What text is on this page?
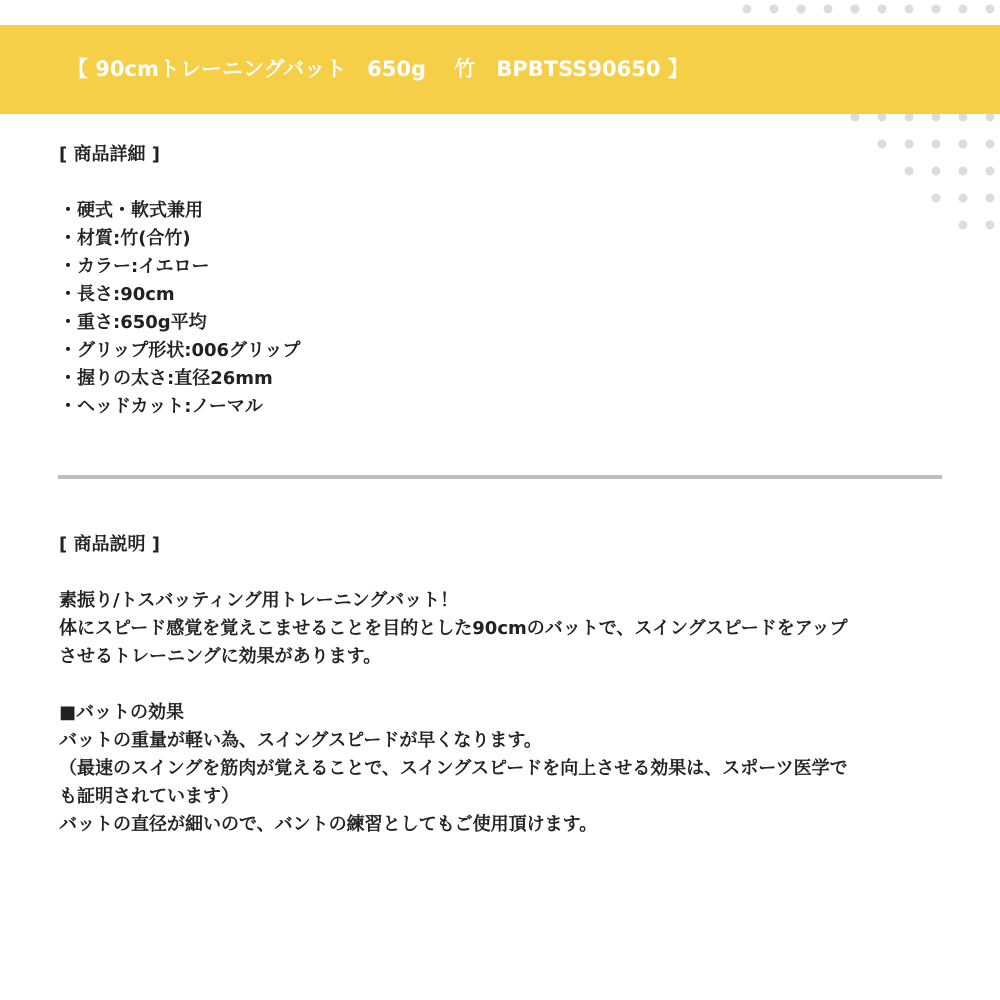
【 90cmトレーニングバット　650g　 竹　BPBTSS90650 】
[ 商品詳細 ]
・硬式・軟式兼用
・材質:竹(合竹)
・カラー:イエロー
・長さ:90cm
・重さ:650g平均
・グリップ形状:006グリップ
・握りの太さ:直径26mm
・ヘッドカット:ノーマル
[ 商品説明 ]

素振り/トスバッティング用トレーニングバット！
体にスピード感覚を覚えこませることを目的とした90cmのバットで、スイングスピードをアップ
させるトレーニングに効果があります。

■バットの効果
バットの重量が軽い為、スイングスピードが早くなります。
（最速のスイングを筋肉が覚えることで、スイングスピードを向上させる効果は、スポーツ医学で
も証明されています）
バットの直径が細いので、バントの練習としてもご使用頂けます。
